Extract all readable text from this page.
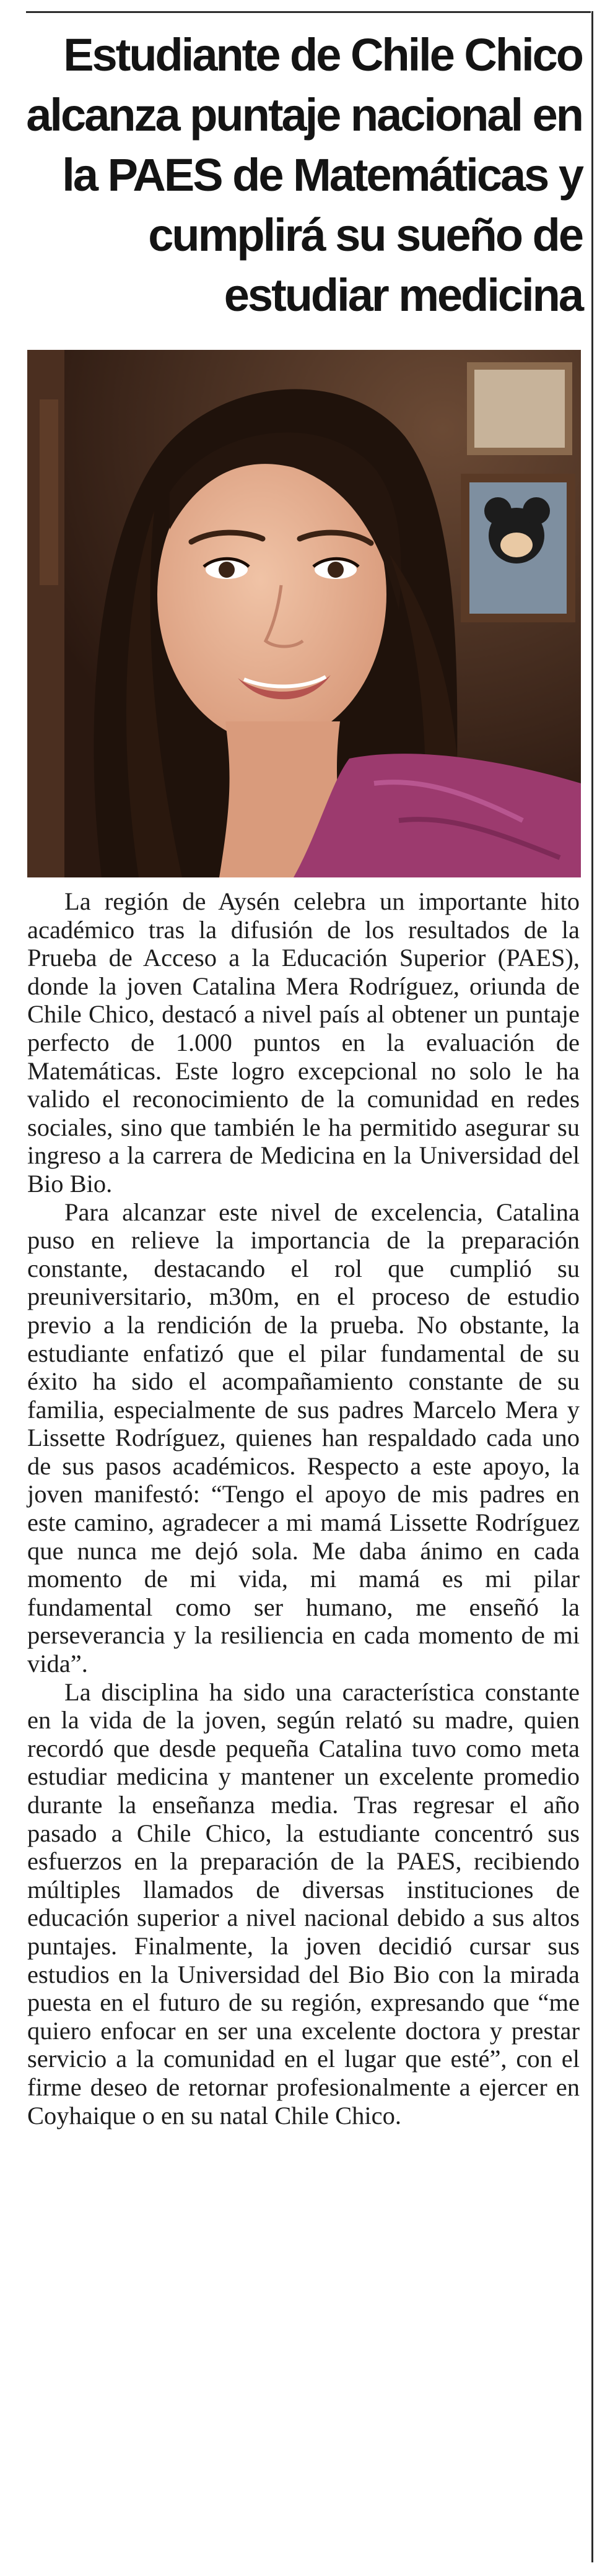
Estudiante de Chile Chico alcanza puntaje nacional en la PAES de Matemáticas y cumplirá su sueño de estudiar medicina

La región de Aysén celebra un importante hito académico tras la difusión de los resultados de la Prueba de Acceso a la Educación Superior (PAES), donde la joven Catalina Mera Rodríguez, oriunda de Chile Chico, destacó a nivel país al obtener un puntaje perfecto de 1.000 puntos en la evaluación de Matemáticas. Este logro excepcional no solo le ha valido el reconocimiento de la comunidad en redes sociales, sino que también le ha permitido asegurar su ingreso a la carrera de Medicina en la Universidad del Bio Bio.

Para alcanzar este nivel de excelencia, Catalina puso en relieve la importancia de la preparación constante, destacando el rol que cumplió su preuniversitario, m30m, en el proceso de estudio previo a la rendición de la prueba. No obstante, la estudiante enfatizó que el pilar fundamental de su éxito ha sido el acompañamiento constante de su familia, especialmente de sus padres Marcelo Mera y Lissette Rodríguez, quienes han respaldado cada uno de sus pasos académicos. Respecto a este apoyo, la joven manifestó: “Tengo el apoyo de mis padres en este camino, agradecer a mi mamá Lissette Rodríguez que nunca me dejó sola. Me daba ánimo en cada momento de mi vida, mi mamá es mi pilar fundamental como ser humano, me enseñó la perseverancia y la resiliencia en cada momento de mi vida”.

La disciplina ha sido una característica constante en la vida de la joven, según relató su madre, quien recordó que desde pequeña Catalina tuvo como meta estudiar medicina y mantener un excelente promedio durante la enseñanza media. Tras regresar el año pasado a Chile Chico, la estudiante concentró sus esfuerzos en la preparación de la PAES, recibiendo múltiples llamados de diversas instituciones de educación superior a nivel nacional debido a sus altos puntajes. Finalmente, la joven decidió cursar sus estudios en la Universidad del Bio Bio con la mirada puesta en el futuro de su región, expresando que “me quiero enfocar en ser una excelente doctora y prestar servicio a la comunidad en el lugar que esté”, con el firme deseo de retornar profesionalmente a ejercer en Coyhaique o en su natal Chile Chico.
